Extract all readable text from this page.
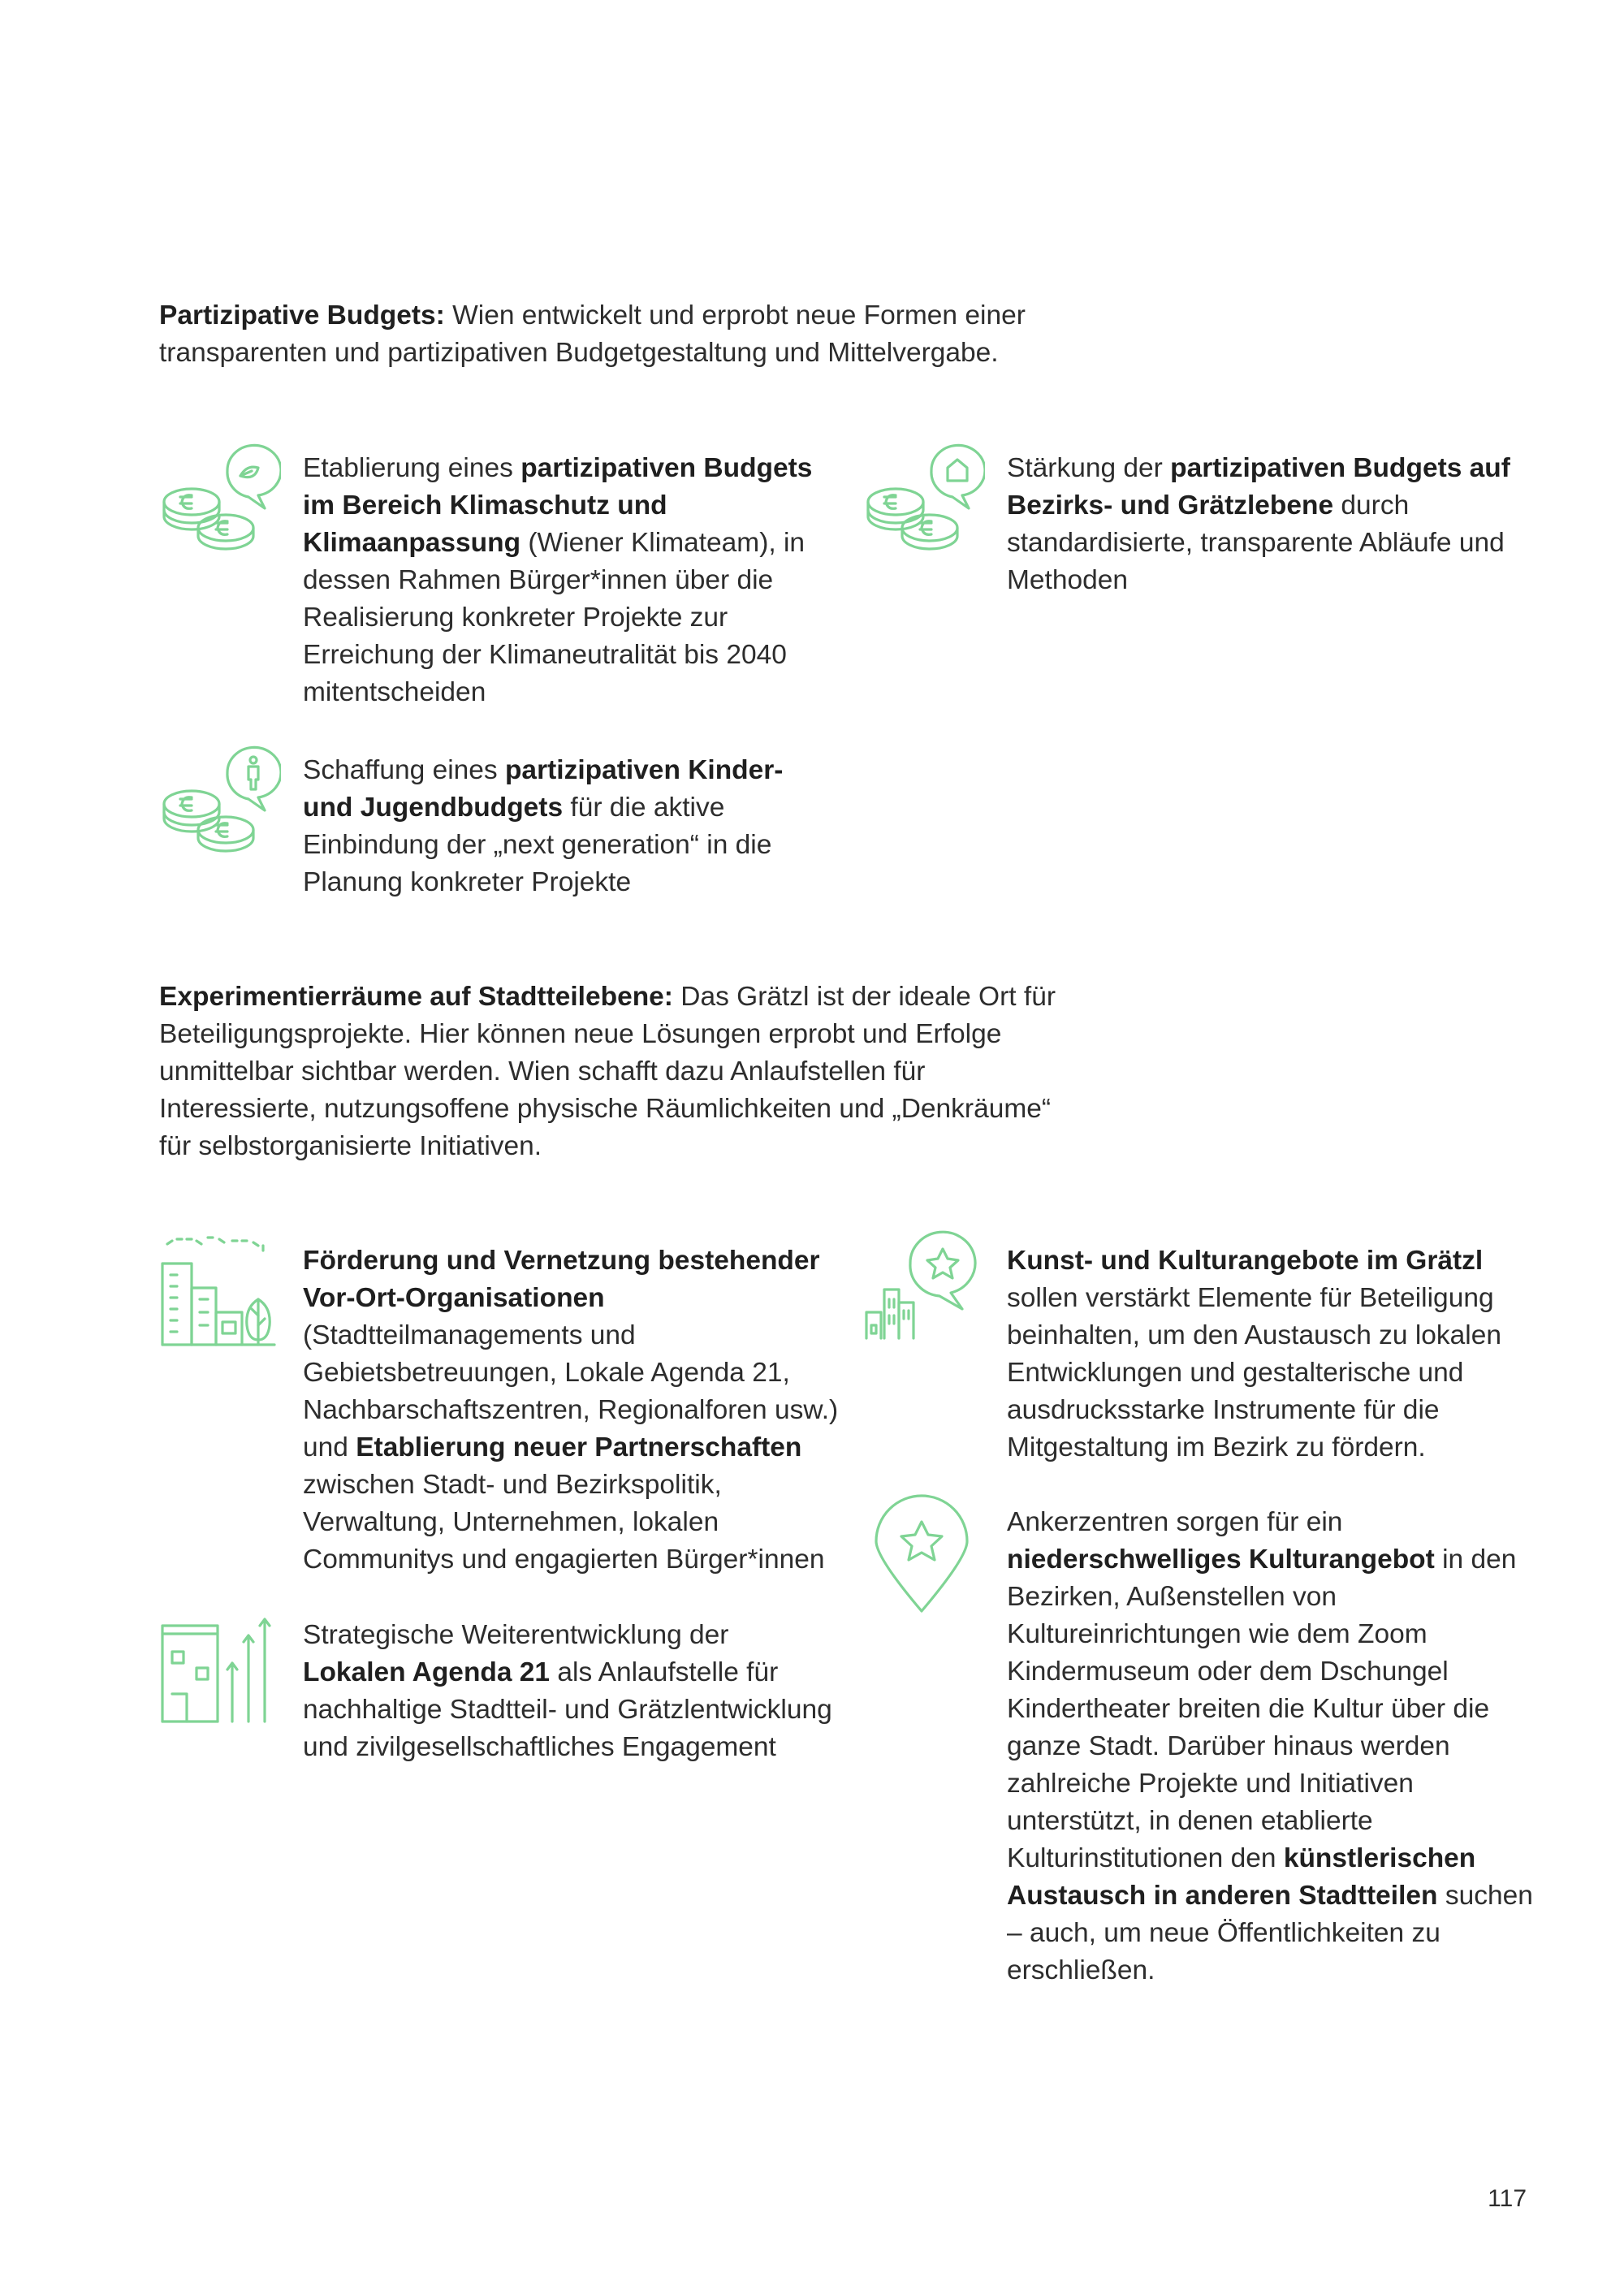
Partizipative Budgets: Wien entwickelt und erprobt neue Formen einer transparenten und partizipativen Budgetgestaltung und Mittelvergabe.

Etablierung eines partizipativen Budgets im Bereich Klimaschutz und Klimaanpassung (Wiener Klimateam), in dessen Rahmen Bürger*innen über die Realisierung konkreter Projekte zur Erreichung der Klimaneutralität bis 2040 mitentscheiden

Stärkung der partizipativen Budgets auf Bezirks- und Grätzlebene durch standardisierte, transparente Abläufe und Methoden

Schaffung eines partizipativen Kinder- und Jugendbudgets für die aktive Einbindung der „next generation“ in die Planung konkreter Projekte

Experimentierräume auf Stadtteilebene: Das Grätzl ist der ideale Ort für Beteiligungsprojekte. Hier können neue Lösungen erprobt und Erfolge unmittelbar sichtbar werden. Wien schafft dazu Anlaufstellen für Interessierte, nutzungsoffene physische Räumlichkeiten und „Denkräume“ für selbstorganisierte Initiativen.

Förderung und Vernetzung bestehender Vor-Ort-Organisationen (Stadtteilmanagements und Gebietsbetreuungen, Lokale Agenda 21, Nachbarschaftszentren, Regionalforen usw.) und Etablierung neuer Partnerschaften zwischen Stadt- und Bezirkspolitik, Verwaltung, Unternehmen, lokalen Communitys und engagierten Bürger*innen

Kunst- und Kulturangebote im Grätzl sollen verstärkt Elemente für Beteiligung beinhalten, um den Austausch zu lokalen Entwicklungen und gestalterische und ausdrucksstarke Instrumente für die Mitgestaltung im Bezirk zu fördern.

Strategische Weiterentwicklung der Lokalen Agenda 21 als Anlaufstelle für nachhaltige Stadtteil- und Grätzlentwicklung und zivilgesellschaftliches Engagement

Ankerzentren sorgen für ein niederschwelliges Kulturangebot in den Bezirken, Außenstellen von Kultureinrichtungen wie dem Zoom Kindermuseum oder dem Dschungel Kindertheater breiten die Kultur über die ganze Stadt. Darüber hinaus werden zahlreiche Projekte und Initiativen unterstützt, in denen etablierte Kulturinstitutionen den künstlerischen Austausch in anderen Stadtteilen suchen – auch, um neue Öffentlichkeiten zu erschließen.

117
